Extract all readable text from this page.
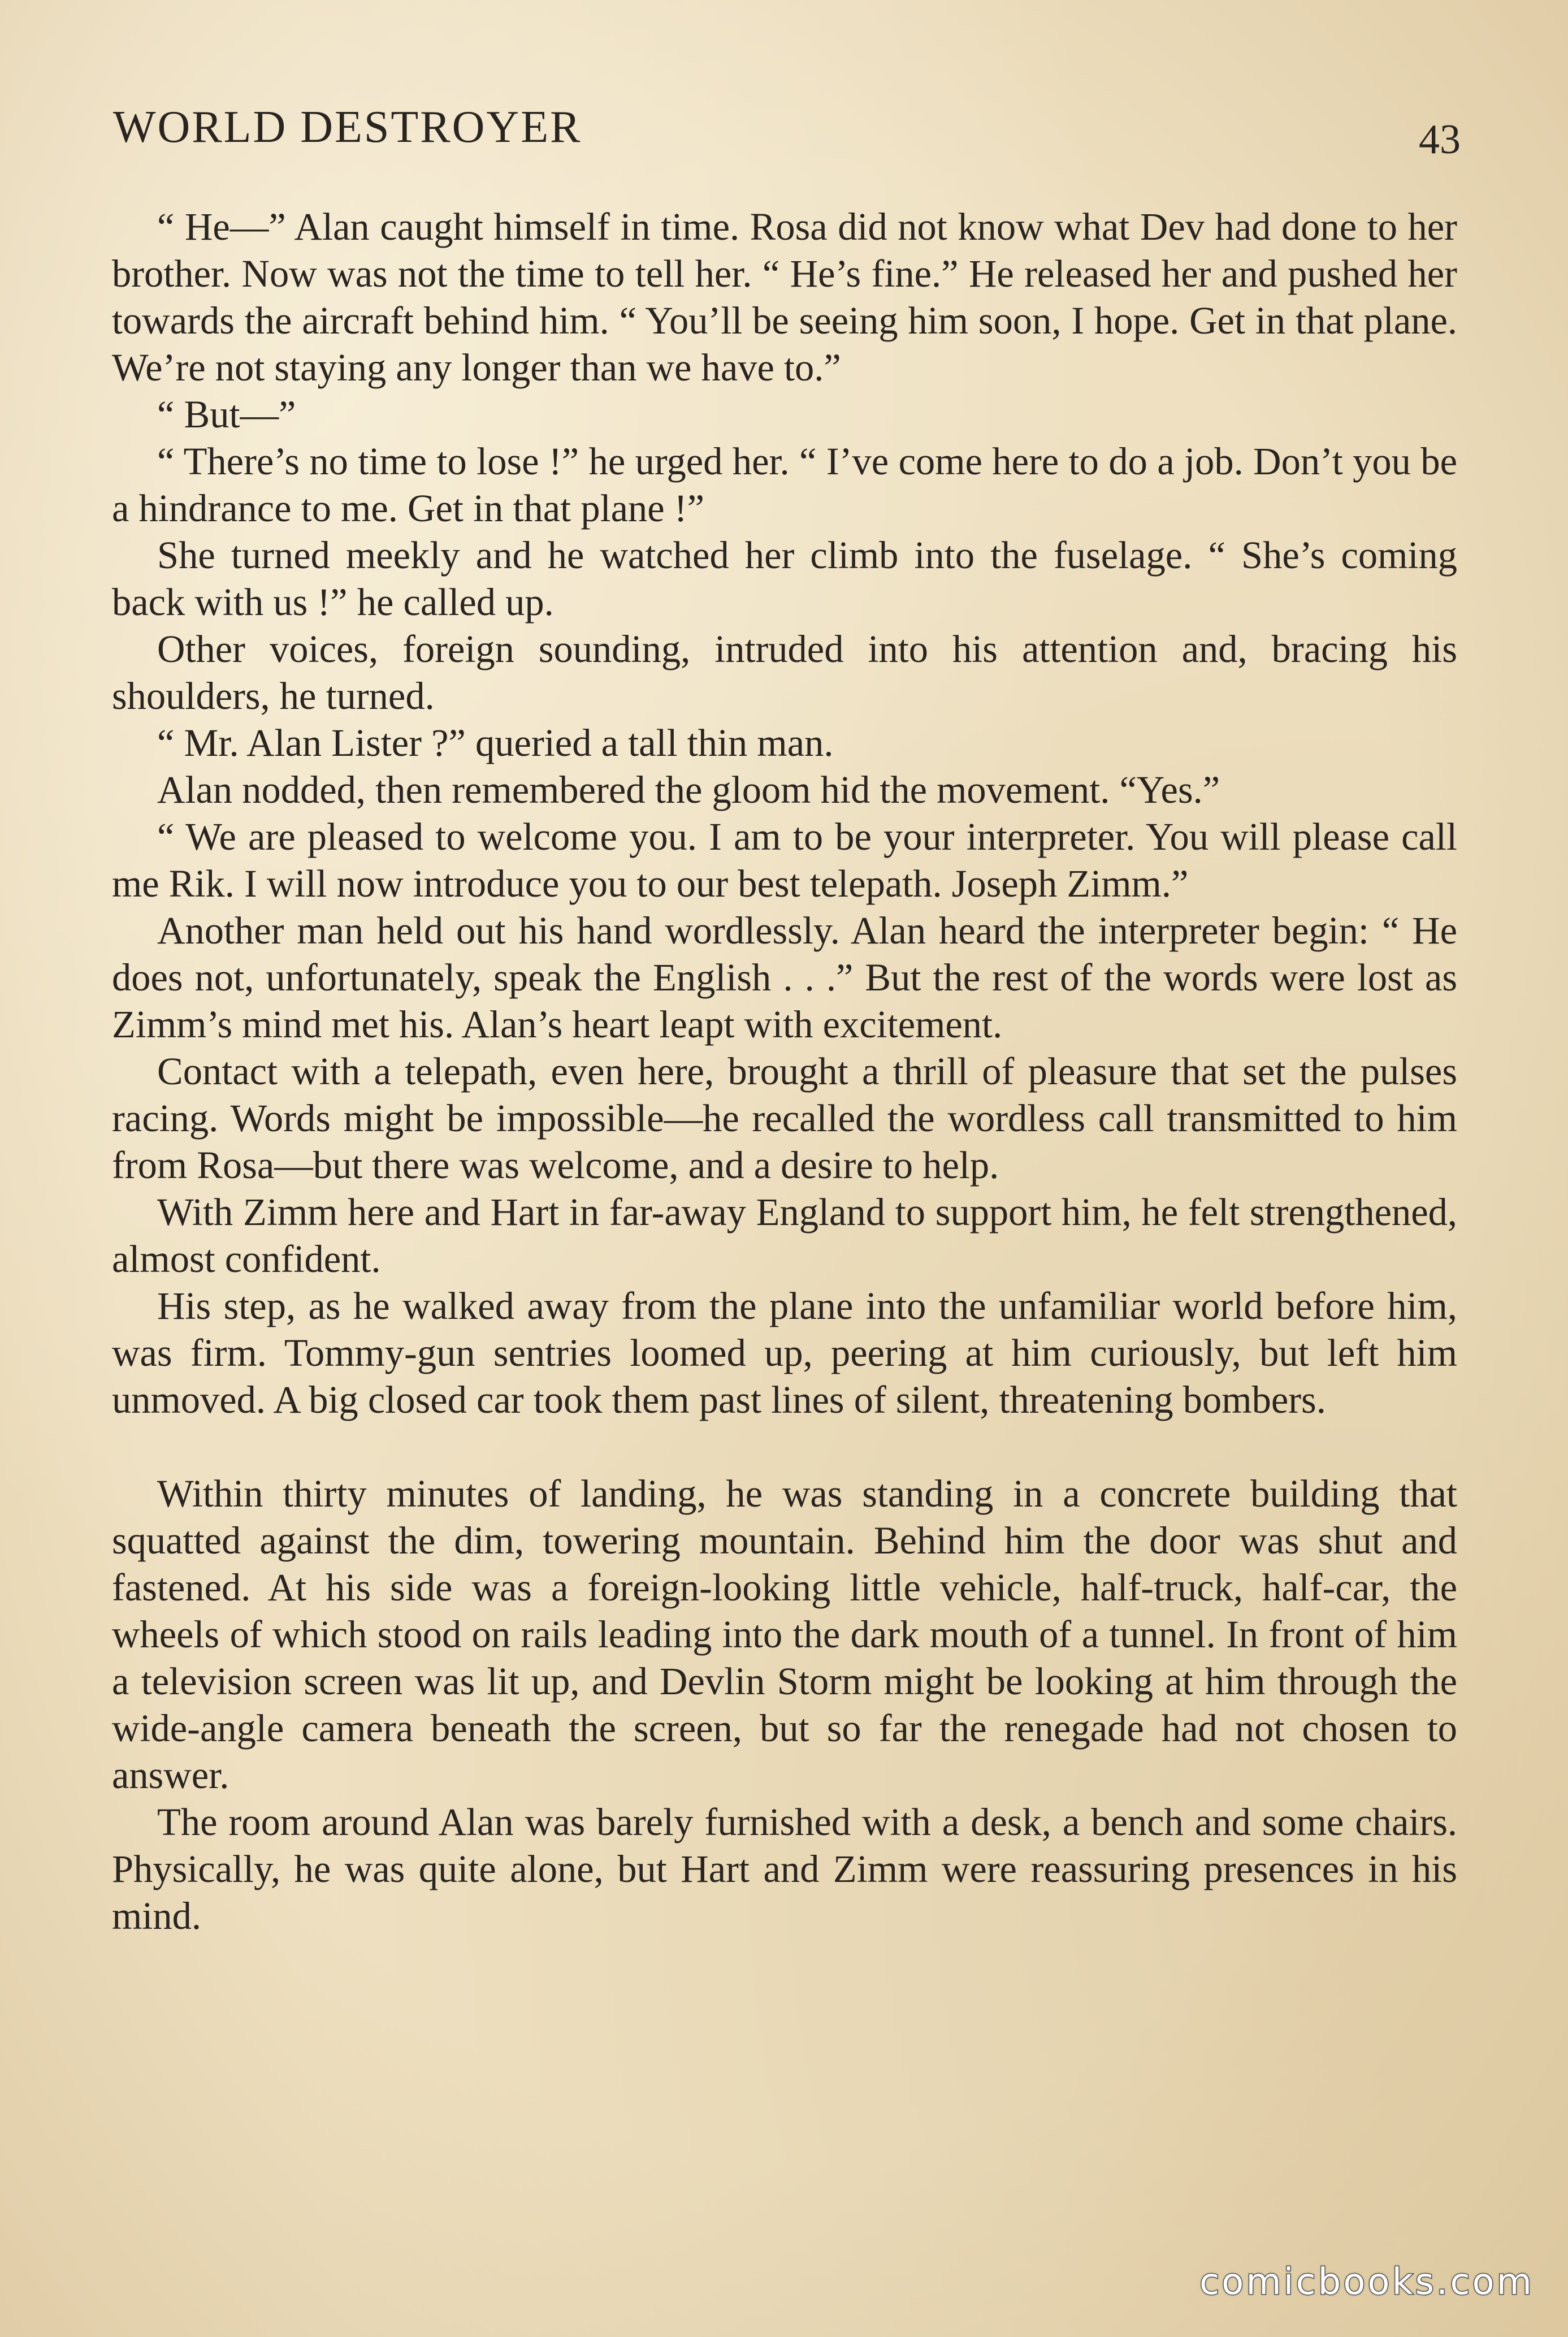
WORLD DESTROYER	43

“ He—” Alan caught himself in time. Rosa did not know what Dev had done to her brother. Now was not the time to tell her. “ He’s fine.” He released her and pushed her towards the aircraft behind him. “ You’ll be seeing him soon, I hope. Get in that plane. We’re not staying any longer than we have to.”

“ But—”

“ There’s no time to lose !” he urged her. “ I’ve come here to do a job. Don’t you be a hindrance to me. Get in that plane !”

She turned meekly and he watched her climb into the fuselage. “ She’s coming back with us !” he called up.

Other voices, foreign sounding, intruded into his attention and, bracing his shoulders, he turned.

“ Mr. Alan Lister ?” queried a tall thin man.

Alan nodded, then remembered the gloom hid the movement. “Yes.”

“ We are pleased to welcome you. I am to be your interpreter. You will please call me Rik. I will now introduce you to our best telepath. Joseph Zimm.”

Another man held out his hand wordlessly. Alan heard the interpreter begin: “ He does not, unfortunately, speak the English . . .” But the rest of the words were lost as Zimm’s mind met his. Alan’s heart leapt with excitement.

Contact with a telepath, even here, brought a thrill of pleasure that set the pulses racing. Words might be impossible—he recalled the wordless call transmitted to him from Rosa—but there was welcome, and a desire to help.

With Zimm here and Hart in far-away England to support him, he felt strengthened, almost confident.

His step, as he walked away from the plane into the unfamiliar world before him, was firm. Tommy-gun sentries loomed up, peering at him curiously, but left him unmoved. A big closed car took them past lines of silent, threatening bombers.

Within thirty minutes of landing, he was standing in a concrete building that squatted against the dim, towering mountain. Behind him the door was shut and fastened. At his side was a foreign-looking little vehicle, half-truck, half-car, the wheels of which stood on rails leading into the dark mouth of a tunnel. In front of him a television screen was lit up, and Devlin Storm might be looking at him through the wide-angle camera beneath the screen, but so far the renegade had not chosen to answer.

The room around Alan was barely furnished with a desk, a bench and some chairs. Physically, he was quite alone, but Hart and Zimm were reassuring presences in his mind.

comicbooks.com
